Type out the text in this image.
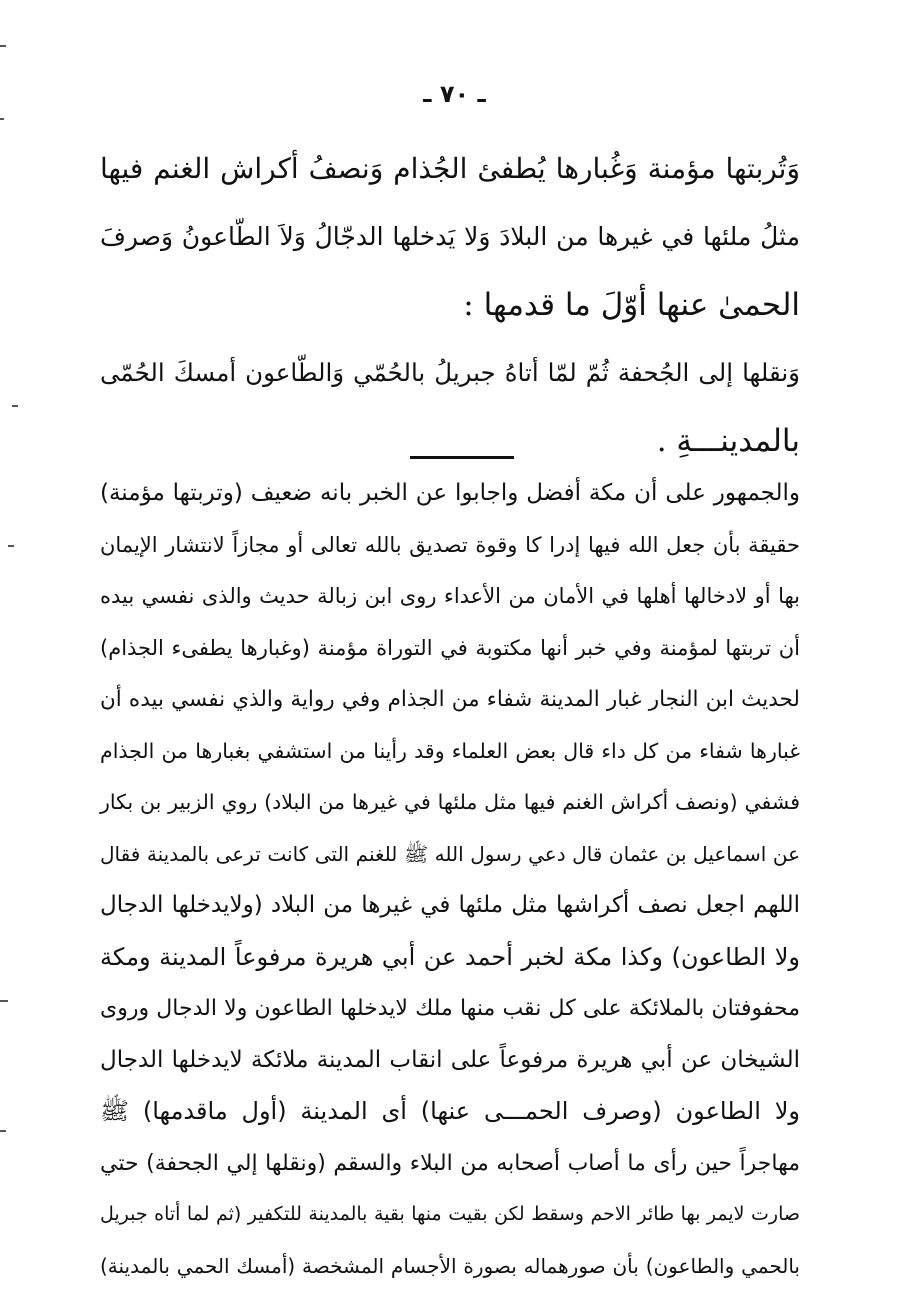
ـ ٧٠ ـ
وَتُربتها مؤمنة وَغُبارها يُطفئ الجُذام وَنصفُ أكراش الغنم فيها
مثلُ ملئها في غيرها من البلادَ وَلا يَدخلها الدجّالُ وَلاَ الطّاعونُ وَصرفَ
الحمىٰ عنها أوّلَ ما قدمها :
وَنقلها إلى الجُحفة ثُمّ لمّا أتاهُ جبريلُ بالحُمّي وَالطّاعون أمسكَ الحُمّى
بالمدينـــةِ .
والجمهور على أن مكة أفضل واجابوا عن الخبر بانه ضعيف (وتربتها مؤمنة)
حقيقة بأن جعل الله فيها إدرا كا وقوة تصديق بالله تعالى أو مجازاً لانتشار الإيمان
بها أو لادخالها أهلها في الأمان من الأعداء روى ابن زبالة حديث والذى نفسي بيده
أن تربتها لمؤمنة وفي خبر أنها مكتوبة في التوراة مؤمنة (وغبارها يطفىء الجذام)
لحديث ابن النجار غبار المدينة شفاء من الجذام وفي رواية والذي نفسي بيده أن
غبارها شفاء من كل داء قال بعض العلماء وقد رأينا من استشفي بغبارها من الجذام
فشفي (ونصف أكراش الغنم فيها مثل ملئها في غيرها من البلاد) روي الزبير بن بكار
عن اسماعيل بن عثمان قال دعي رسول الله ﷺ للغنم التى كانت ترعى بالمدينة فقال
اللهم اجعل نصف أكراشها مثل ملئها في غيرها من البلاد (ولايدخلها الدجال
ولا الطاعون) وكذا مكة لخبر أحمد عن أبي هريرة مرفوعاً المدينة ومكة
محفوفتان بالملائكة على كل نقب منها ملك لايدخلها الطاعون ولا الدجال وروى
الشيخان عن أبي هريرة مرفوعاً على انقاب المدينة ملائكة لايدخلها الدجال
ولا الطاعون (وصرف الحمـــى عنها) أى المدينة (أول ماقدمها) ﷺ
مهاجراً حين رأى ما أصاب أصحابه من البلاء والسقم (ونقلها إلي الجحفة) حتي
صارت لايمر بها طائر الاحم وسقط لكن بقيت منها بقية بالمدينة للتكفير (ثم لما أتاه جبريل
بالحمي والطاعون) بأن صورهماله بصورة الأجسام المشخصة (أمسك الحمي بالمدينة)
